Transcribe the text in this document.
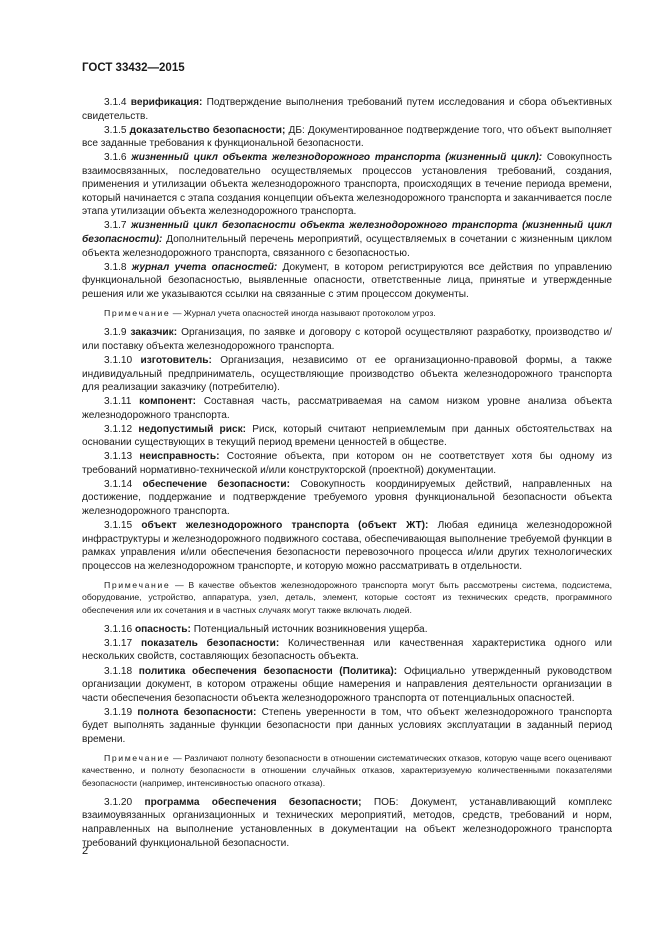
ГОСТ 33432—2015

3.1.4 верификация: Подтверждение выполнения требований путем исследования и сбора объективных свидетельств.

3.1.5 доказательство безопасности; ДБ: Документированное подтверждение того, что объект выполняет все заданные требования к функциональной безопасности.

3.1.6 жизненный цикл объекта железнодорожного транспорта (жизненный цикл): Совокупность взаимосвязанных, последовательно осуществляемых процессов установления требований, создания, применения и утилизации объекта железнодорожного транспорта, происходящих в течение периода времени, который начинается с этапа создания концепции объекта железнодорожного транспорта и заканчивается после этапа утилизации объекта железнодорожного транспорта.

3.1.7 жизненный цикл безопасности объекта железнодорожного транспорта (жизненный цикл безопасности): Дополнительный перечень мероприятий, осуществляемых в сочетании с жизненным циклом объекта железнодорожного транспорта, связанного с безопасностью.

3.1.8 журнал учета опасностей: Документ, в котором регистрируются все действия по управлению функциональной безопасностью, выявленные опасности, ответственные лица, принятые и утвержденные решения или же указываются ссылки на связанные с этим процессом документы.

Примечание — Журнал учета опасностей иногда называют протоколом угроз.

3.1.9 заказчик: Организация, по заявке и договору с которой осуществляют разработку, производство и/или поставку объекта железнодорожного транспорта.

3.1.10 изготовитель: Организация, независимо от ее организационно-правовой формы, а также индивидуальный предприниматель, осуществляющие производство объекта железнодорожного транспорта для реализации заказчику (потребителю).

3.1.11 компонент: Составная часть, рассматриваемая на самом низком уровне анализа объекта железнодорожного транспорта.

3.1.12 недопустимый риск: Риск, который считают неприемлемым при данных обстоятельствах на основании существующих в текущий период времени ценностей в обществе.

3.1.13 неисправность: Состояние объекта, при котором он не соответствует хотя бы одному из требований нормативно-технической и/или конструкторской (проектной) документации.

3.1.14 обеспечение безопасности: Совокупность координируемых действий, направленных на достижение, поддержание и подтверждение требуемого уровня функциональной безопасности объекта железнодорожного транспорта.

3.1.15 объект железнодорожного транспорта (объект ЖТ): Любая единица железнодорожной инфраструктуры и железнодорожного подвижного состава, обеспечивающая выполнение требуемой функции в рамках управления и/или обеспечения безопасности перевозочного процесса и/или других технологических процессов на железнодорожном транспорте, и которую можно рассматривать в отдельности.

Примечание — В качестве объектов железнодорожного транспорта могут быть рассмотрены система, подсистема, оборудование, устройство, аппаратура, узел, деталь, элемент, которые состоят из технических средств, программного обеспечения или их сочетания и в частных случаях могут также включать людей.

3.1.16 опасность: Потенциальный источник возникновения ущерба.

3.1.17 показатель безопасности: Количественная или качественная характеристика одного или нескольких свойств, составляющих безопасность объекта.

3.1.18 политика обеспечения безопасности (Политика): Официально утвержденный руководством организации документ, в котором отражены общие намерения и направления деятельности организации в части обеспечения безопасности объекта железнодорожного транспорта от потенциальных опасностей.

3.1.19 полнота безопасности: Степень уверенности в том, что объект железнодорожного транспорта будет выполнять заданные функции безопасности при данных условиях эксплуатации в заданный период времени.

Примечание — Различают полноту безопасности в отношении систематических отказов, которую чаще всего оценивают качественно, и полноту безопасности в отношении случайных отказов, характеризуемую количественными показателями безопасности (например, интенсивностью опасного отказа).

3.1.20 программа обеспечения безопасности; ПОБ: Документ, устанавливающий комплекс взаимоувязанных организационных и технических мероприятий, методов, средств, требований и норм, направленных на выполнение установленных в документации на объект железнодорожного транспорта требований функциональной безопасности.

2
